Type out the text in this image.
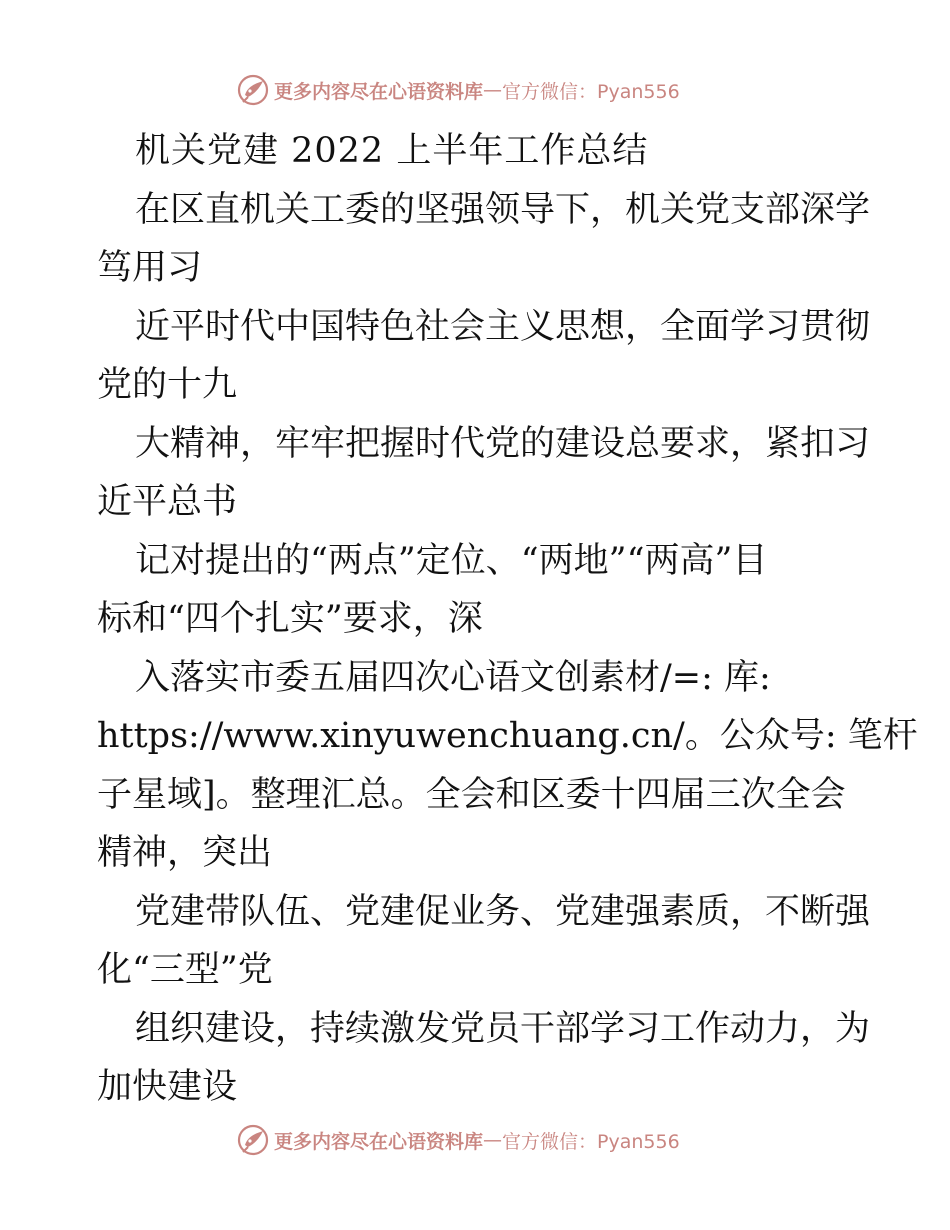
更多内容尽在心语资料库 — 官方微信：Pyan556
机关党建 2022 上半年工作总结
在区直机关工委的坚强领导下，机关党支部深学
笃用习
近平时代中国特色社会主义思想，全面学习贯彻
党的十九
大精神，牢牢把握时代党的建设总要求，紧扣习
近平总书
记对提出的“两点”定位、“两地”“两高”目
标和“四个扎实”要求，深
入落实市委五届四次心语文创素材/=: 库:
https://www.xinyuwenchuang.cn/。公众号: 笔杆
子星域]。整理汇总。全会和区委十四届三次全会
精神，突出
党建带队伍、党建促业务、党建强素质，不断强
化“三型”党
组织建设，持续激发党员干部学习工作动力，为
加快建设
更多内容尽在心语资料库 — 官方微信：Pyan556
